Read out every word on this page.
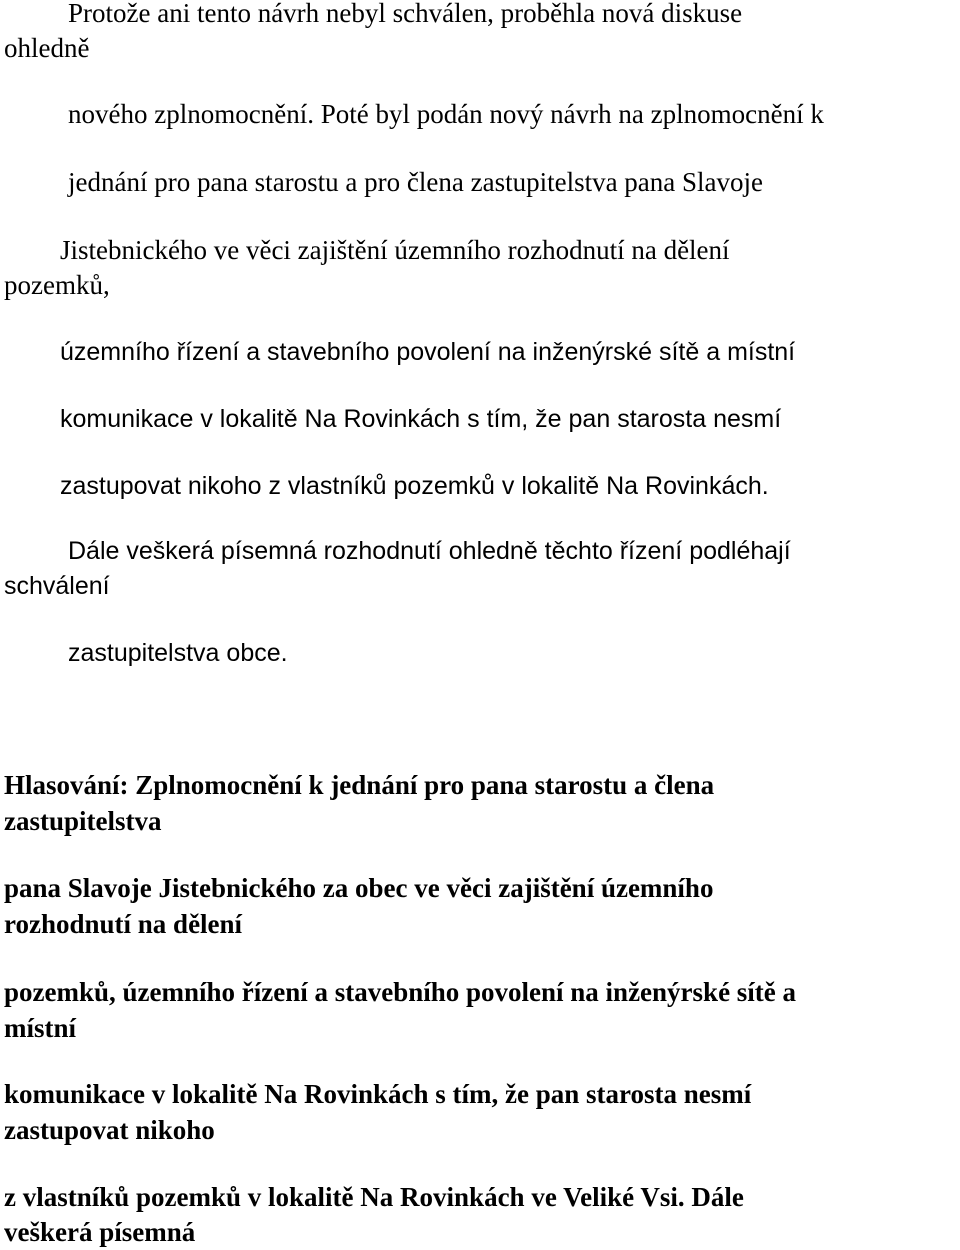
Protože ani tento návrh nebyl schválen, proběhla nová diskuse

ohledně

nového zplnomocnění. Poté byl podán nový návrh na zplnomocnění k

jednání pro pana starostu a pro člena zastupitelstva pana Slavoje

Jistebnického ve věci zajištění územního rozhodnutí na dělení

pozemků,

územního řízení a stavebního povolení na inženýrské sítě a místní

komunikace v lokalitě Na Rovinkách s tím, že pan starosta nesmí

zastupovat nikoho z vlastníků pozemků v lokalitě Na Rovinkách.

Dále veškerá písemná rozhodnutí ohledně těchto řízení podléhají

schválení

zastupitelstva obce.

Hlasování: Zplnomocnění k jednání pro pana starostu a člena

zastupitelstva

pana Slavoje Jistebnického za obec ve věci zajištění územního

rozhodnutí na dělení

pozemků, územního řízení a stavebního povolení na inženýrské sítě a

místní

komunikace v lokalitě Na Rovinkách s tím, že pan starosta nesmí

zastupovat nikoho

z vlastníků pozemků v lokalitě Na Rovinkách ve Veliké Vsi. Dále

veškerá písemná
